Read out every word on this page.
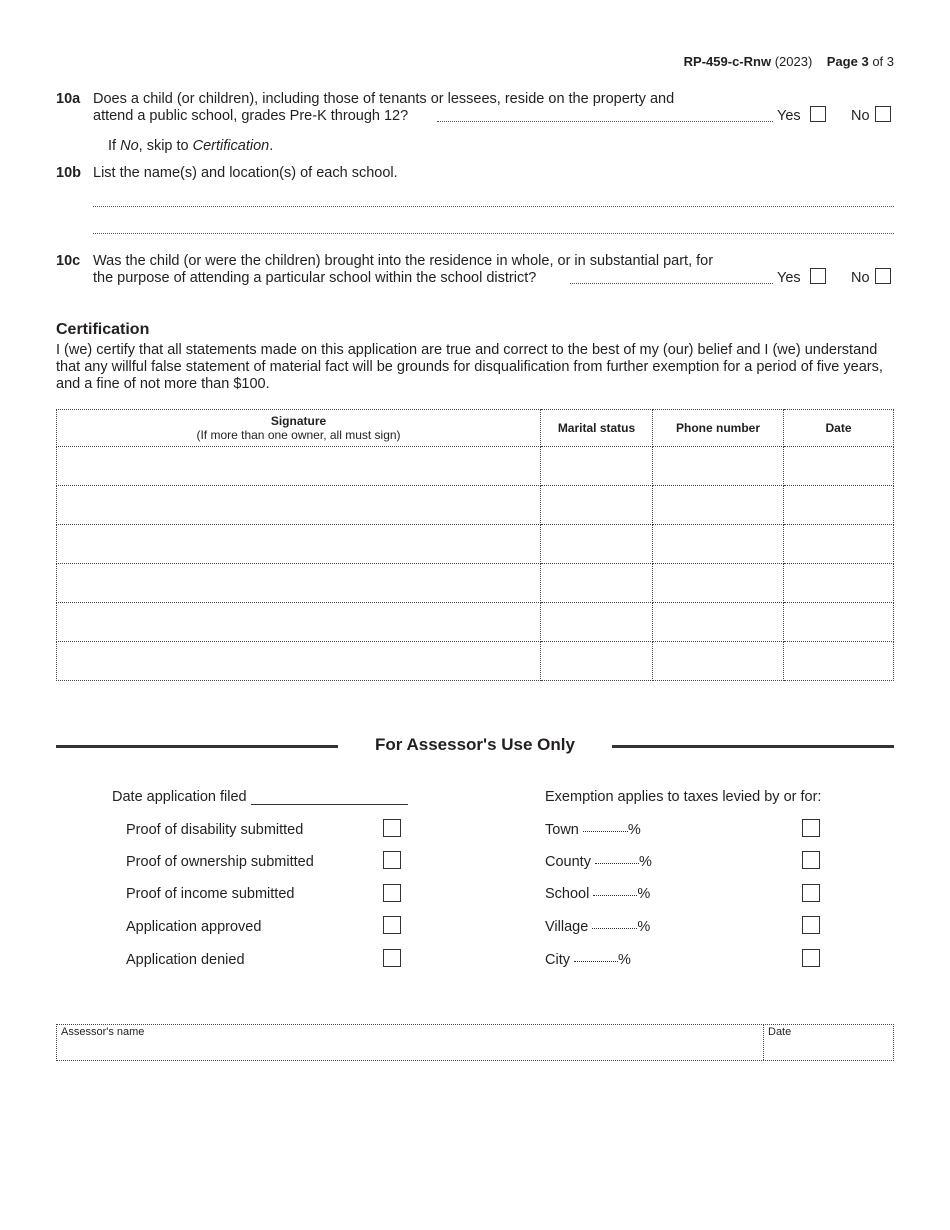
RP-459-c-Rnw (2023) Page 3 of 3
10a Does a child (or children), including those of tenants or lessees, reside on the property and
attend a public school, grades Pre-K through 12?	Yes	No
If No, skip to Certification.
10b List the name(s) and location(s) of each school.
10c Was the child (or were the children) brought into the residence in whole, or in substantial part, for
the purpose of attending a particular school within the school district?	Yes	No
Certification
I (we) certify that all statements made on this application are true and correct to the best of my (our) belief and I (we) understand that any willful false statement of material fact will be grounds for disqualification from further exemption for a period of five years, and a fine of not more than $100.
Signature
(If more than one owner, all must sign)	Marital status	Phone number	Date

For Assessor's Use Only
Date application filed
Proof of disability submitted
Proof of ownership submitted
Proof of income submitted
Application approved
Application denied
Exemption applies to taxes levied by or for:
Town	%
County	%
School	%
Village	%
City	%
Assessor's name	Date
